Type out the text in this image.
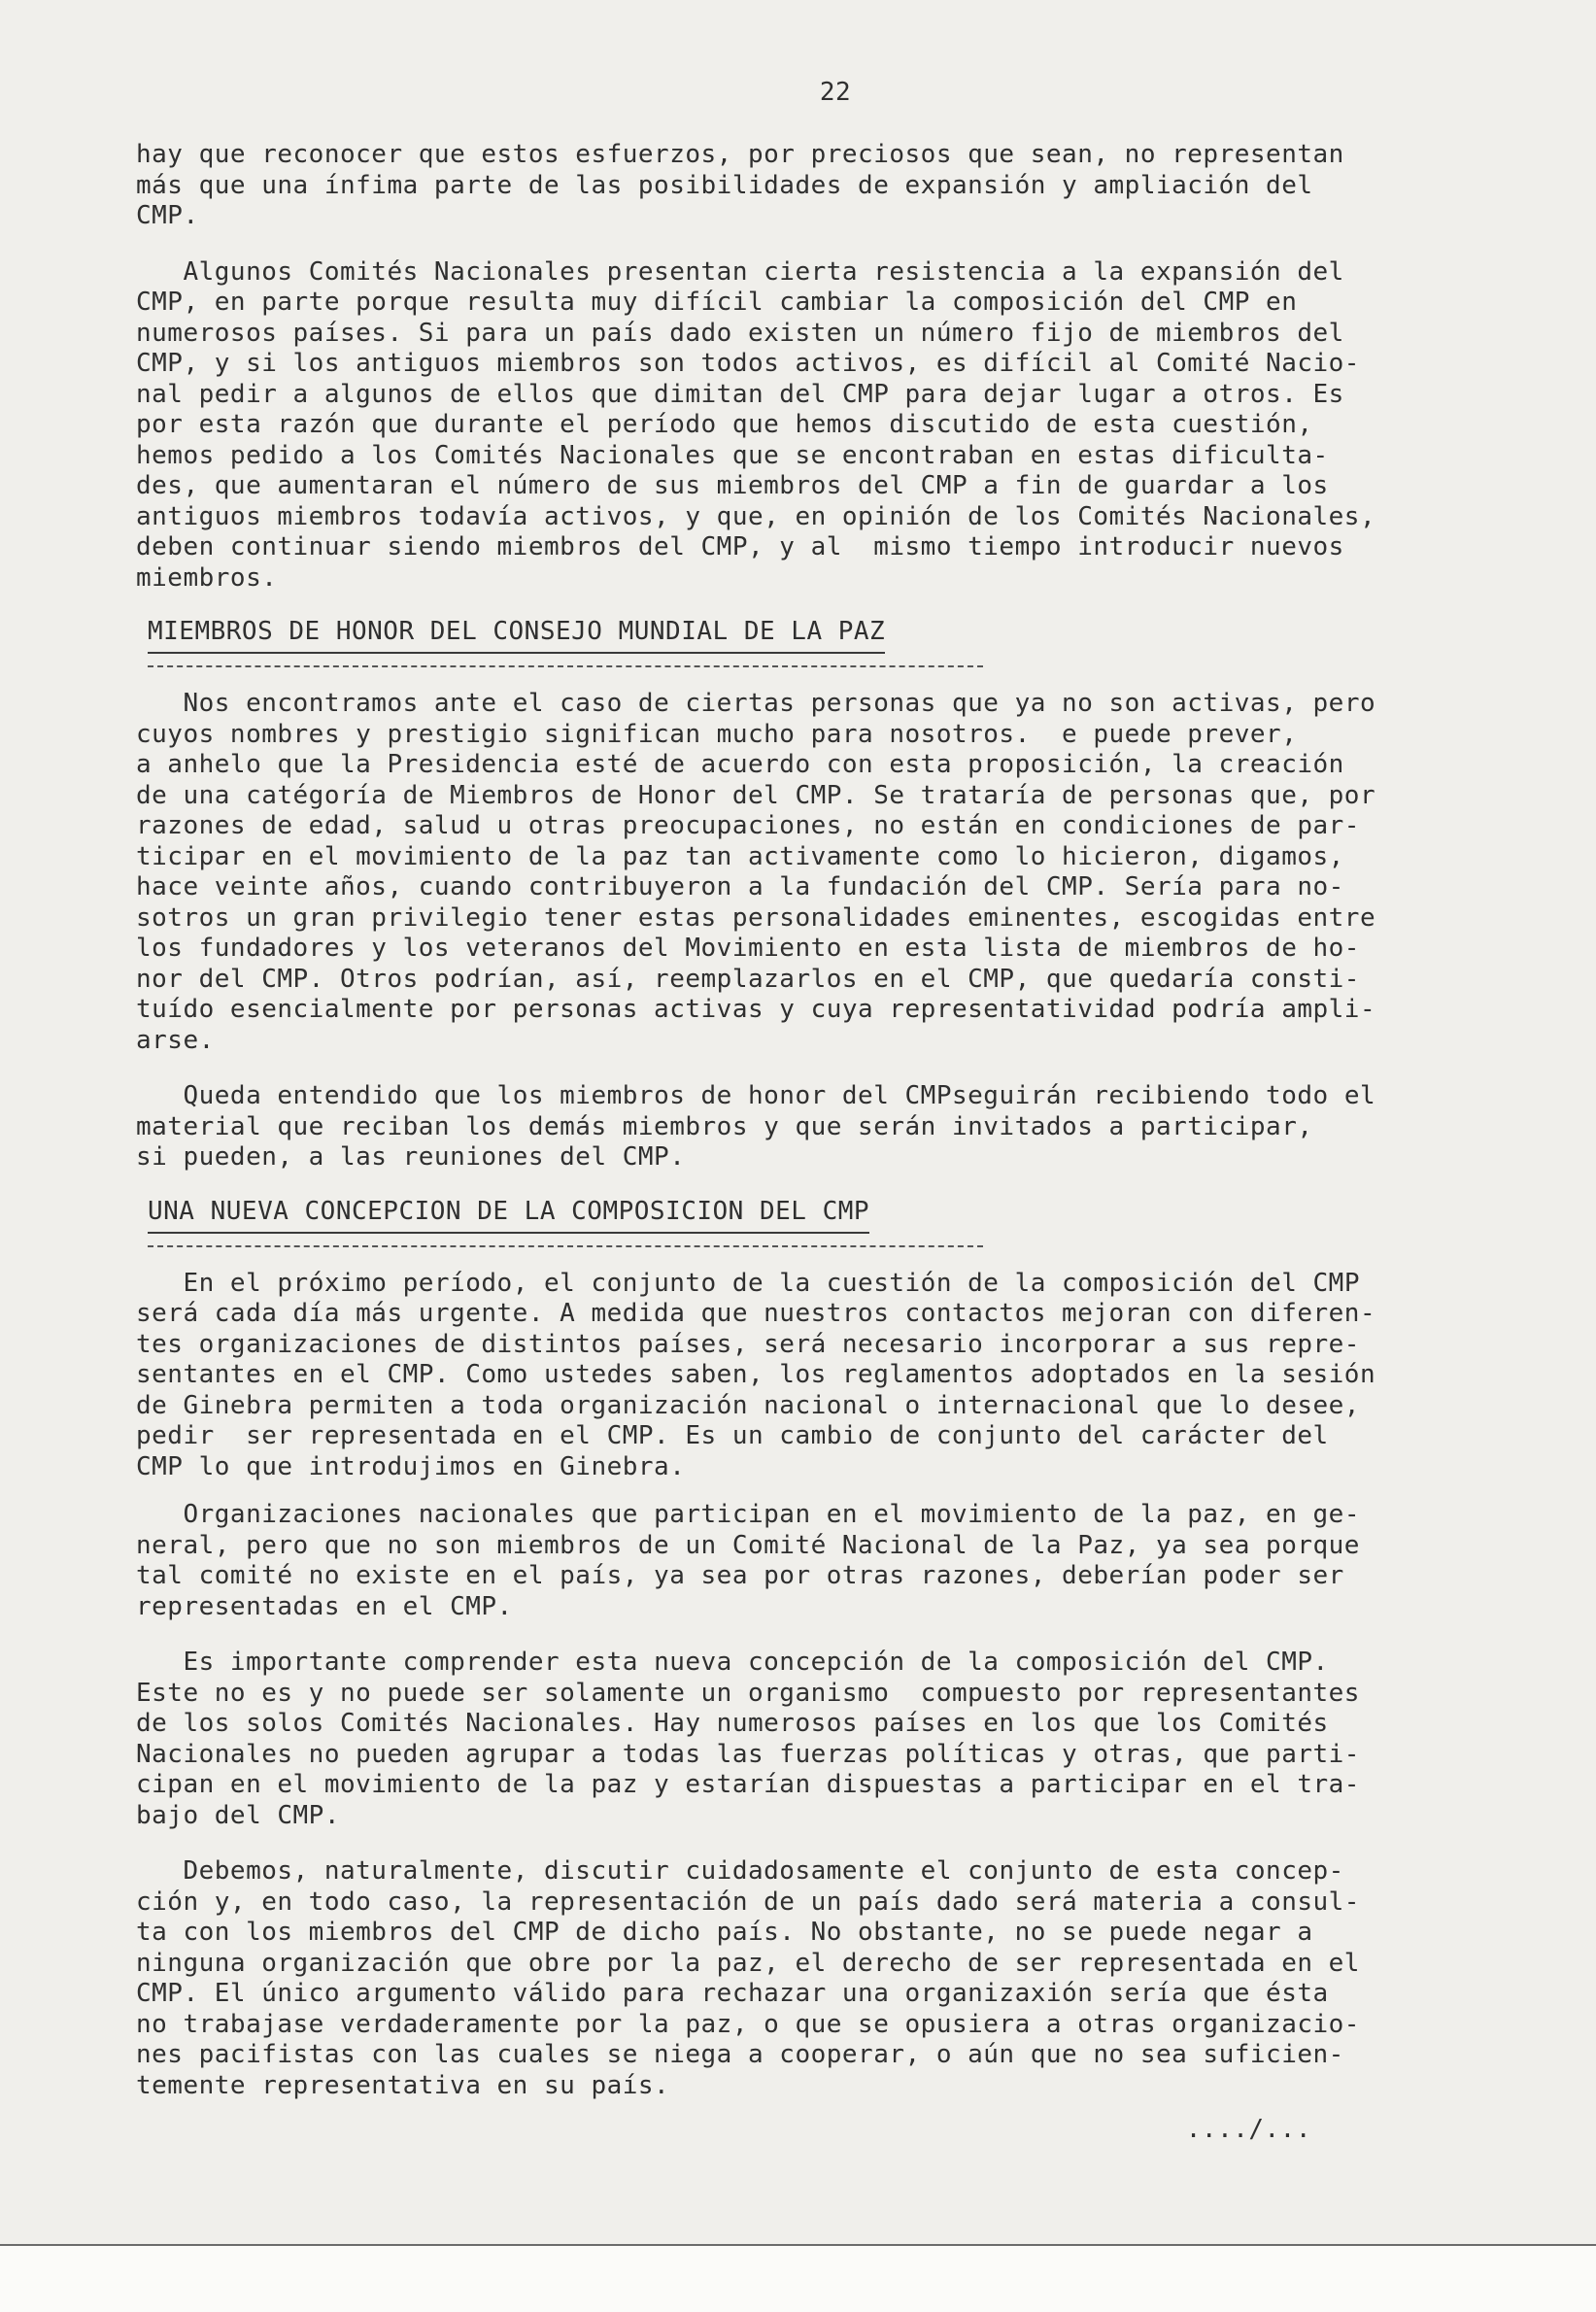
22

hay que reconocer que estos esfuerzos, por preciosos que sean, no representan
más que una ínfima parte de las posibilidades de expansión y ampliación del
CMP.

Algunos Comités Nacionales presentan cierta resistencia a la expansión del
CMP, en parte porque resulta muy difícil cambiar la composición del CMP en
numerosos países. Si para un país dado existen un número fijo de miembros del
CMP, y si los antiguos miembros son todos activos, es difícil al Comité Nacio-
nal pedir a algunos de ellos que dimitan del CMP para dejar lugar a otros. Es
por esta razón que durante el período que hemos discutido de esta cuestión,
hemos pedido a los Comités Nacionales que se encontraban en estas dificulta-
des, que aumentaran el número de sus miembros del CMP a fin de guardar a los
antiguos miembros todavía activos, y que, en opinión de los Comités Nacionales,
deben continuar siendo miembros del CMP, y al  mismo tiempo introducir nuevos
miembros.

MIEMBROS DE HONOR DEL CONSEJO MUNDIAL DE LA PAZ

Nos encontramos ante el caso de ciertas personas que ya no son activas, pero
cuyos nombres y prestigio significan mucho para nosotros.  e puede prever,
a anhelo que la Presidencia esté de acuerdo con esta proposición, la creación
de una catégoría de Miembros de Honor del CMP. Se trataría de personas que, por
razones de edad, salud u otras preocupaciones, no están en condiciones de par-
ticipar en el movimiento de la paz tan activamente como lo hicieron, digamos,
hace veinte años, cuando contribuyeron a la fundación del CMP. Sería para no-
sotros un gran privilegio tener estas personalidades eminentes, escogidas entre
los fundadores y los veteranos del Movimiento en esta lista de miembros de ho-
nor del CMP. Otros podrían, así, reemplazarlos en el CMP, que quedaría consti-
tuído esencialmente por personas activas y cuya representatividad podría ampli-
arse.

Queda entendido que los miembros de honor del CMPseguirán recibiendo todo el
material que reciban los demás miembros y que serán invitados a participar,
si pueden, a las reuniones del CMP.

UNA NUEVA CONCEPCION DE LA COMPOSICION DEL CMP

En el próximo período, el conjunto de la cuestión de la composición del CMP
será cada día más urgente. A medida que nuestros contactos mejoran con diferen-
tes organizaciones de distintos países, será necesario incorporar a sus repre-
sentantes en el CMP. Como ustedes saben, los reglamentos adoptados en la sesión
de Ginebra permiten a toda organización nacional o internacional que lo desee,
pedir  ser representada en el CMP. Es un cambio de conjunto del carácter del
CMP lo que introdujimos en Ginebra.

Organizaciones nacionales que participan en el movimiento de la paz, en ge-
neral, pero que no son miembros de un Comité Nacional de la Paz, ya sea porque
tal comité no existe en el país, ya sea por otras razones, deberían poder ser
representadas en el CMP.

Es importante comprender esta nueva concepción de la composición del CMP.
Este no es y no puede ser solamente un organismo  compuesto por representantes
de los solos Comités Nacionales. Hay numerosos países en los que los Comités
Nacionales no pueden agrupar a todas las fuerzas políticas y otras, que parti-
cipan en el movimiento de la paz y estarían dispuestas a participar en el tra-
bajo del CMP.

Debemos, naturalmente, discutir cuidadosamente el conjunto de esta concep-
ción y, en todo caso, la representación de un país dado será materia a consul-
ta con los miembros del CMP de dicho país. No obstante, no se puede negar a
ninguna organización que obre por la paz, el derecho de ser representada en el
CMP. El único argumento válido para rechazar una organizaxión sería que ésta
no trabajase verdaderamente por la paz, o que se opusiera a otras organizacio-
nes pacifistas con las cuales se niega a cooperar, o aún que no sea suficien-
temente representativa en su país.

..../...
